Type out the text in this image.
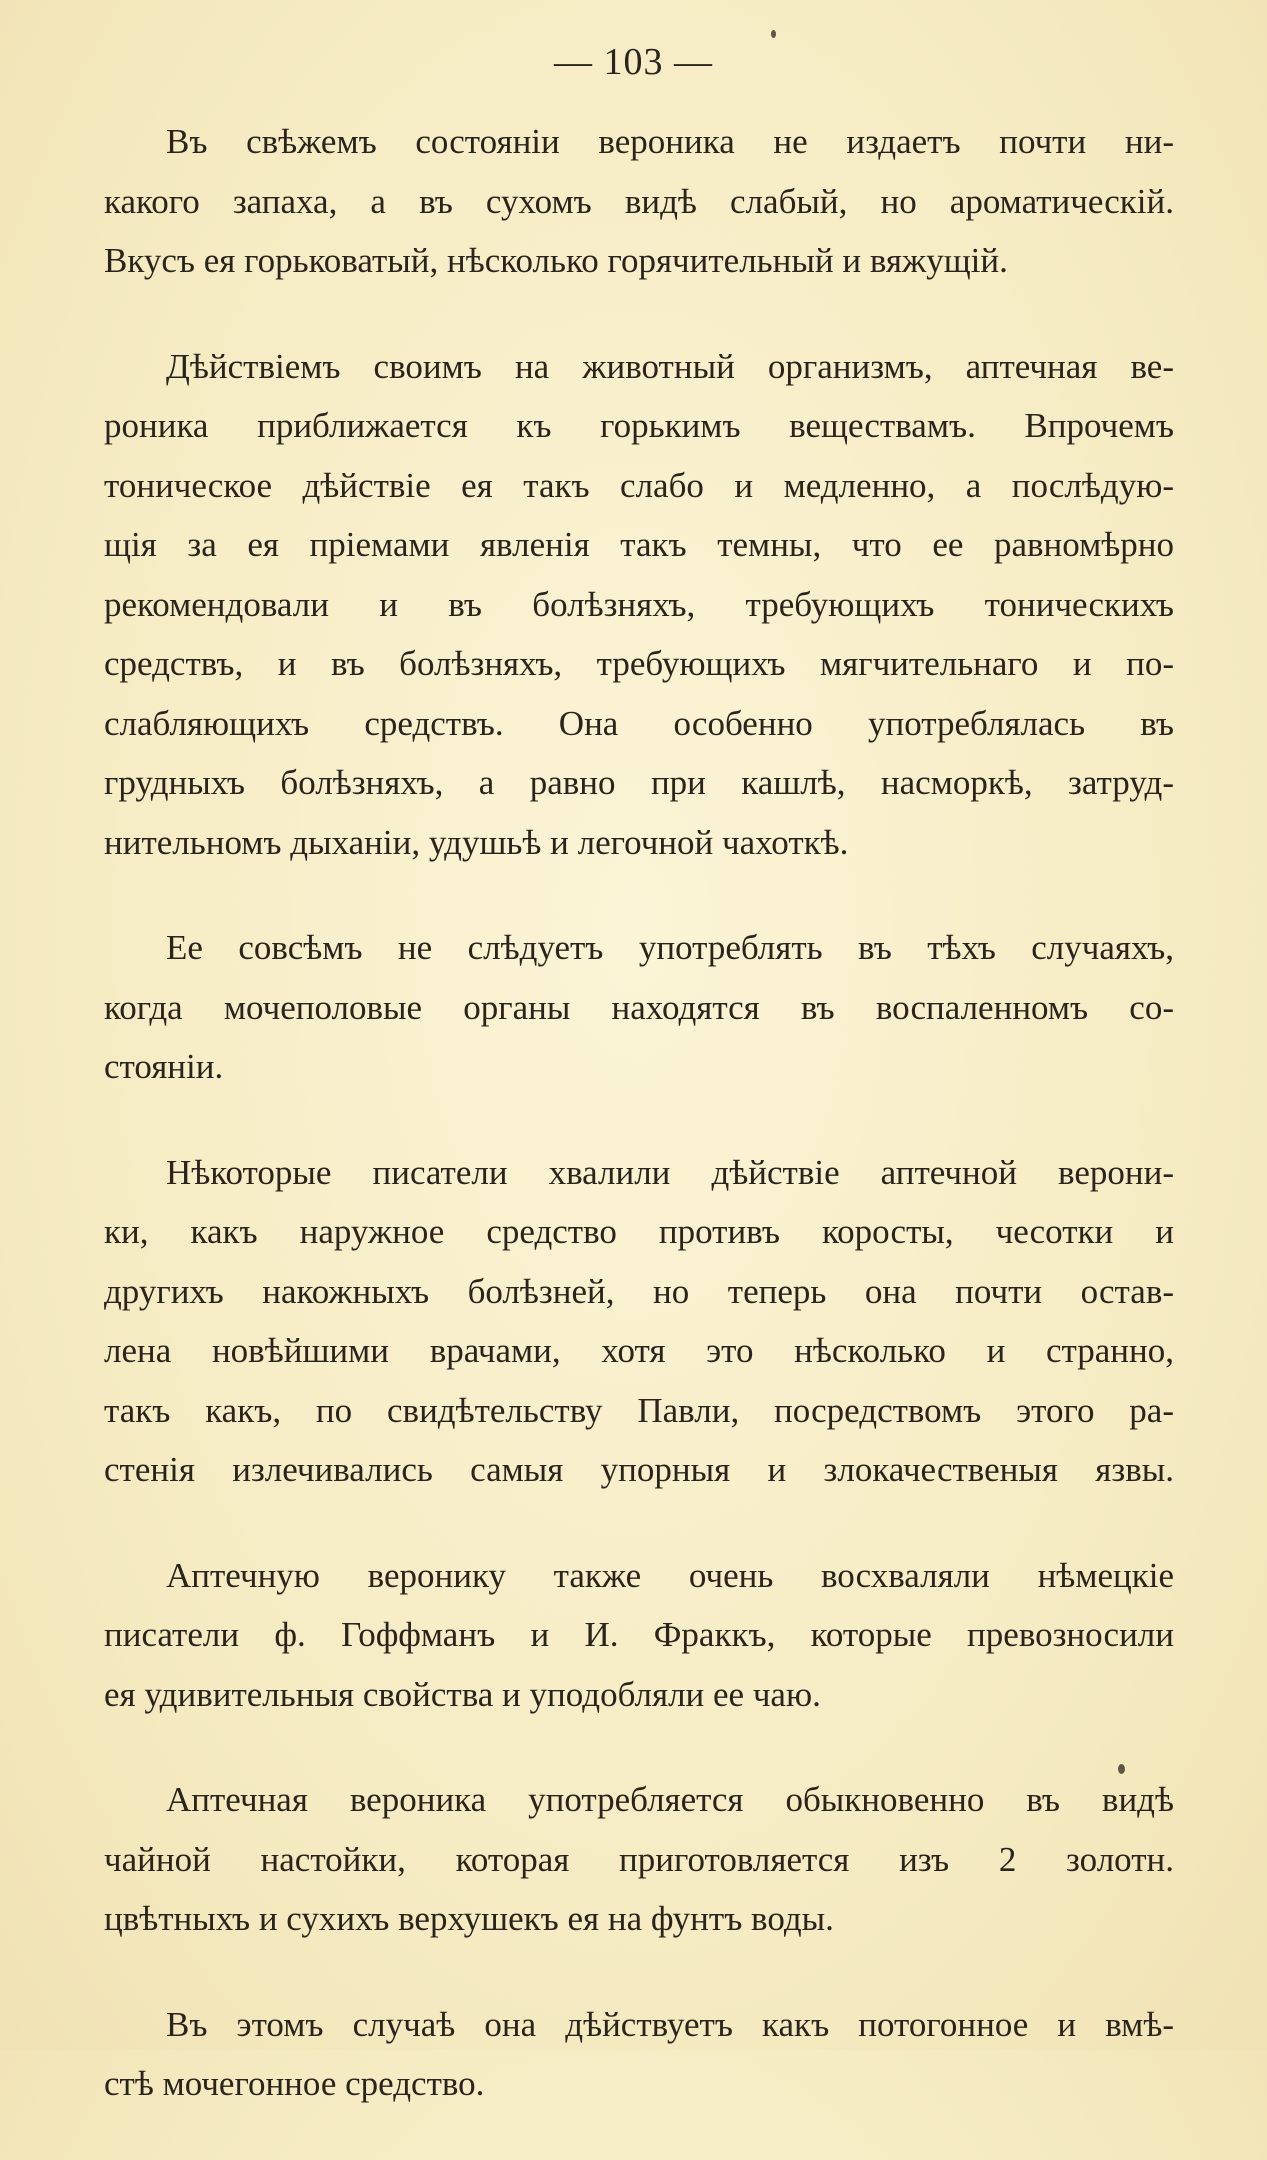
— 103 —

Въ свѣжемъ состоянiи вероника не издаетъ почти ни-
какого запаха, а въ сухомъ видѣ слабый, но ароматическiй.
Вкусъ ея горьковатый, нѣсколько горячительный и вяжущiй.

Дѣйствiемъ своимъ на животный организмъ, аптечная ве-
роника приближается къ горькимъ веществамъ. Впрочемъ
тоническое дѣйствiе ея такъ слабо и медленно, а послѣдую-
щiя за ея прiемами явленiя такъ темны, что ее равномѣрно
рекомендовали и въ болѣзняхъ, требующихъ тоническихъ
средствъ, и въ болѣзняхъ, требующихъ мягчительнаго и по-
слабляющихъ средствъ. Она особенно употреблялась въ
грудныхъ болѣзняхъ, а равно при кашлѣ, насморкѣ, затруд-
нительномъ дыханiи, удушьѣ и легочной чахоткѣ.

Ее совсѣмъ не слѣдуетъ употреблять въ тѣхъ случаяхъ,
когда мочеполовые органы находятся въ воспаленномъ со-
стоянiи.

Нѣкоторые писатели хвалили дѣйствiе аптечной верони-
ки, какъ наружное средство противъ коросты, чесотки и
другихъ накожныхъ болѣзней, но теперь она почти остав-
лена новѣйшими врачами, хотя это нѣсколько и странно,
такъ какъ, по свидѣтельству Павли, посредствомъ этого ра-
стенiя излечивались самыя упорныя и злокачественыя язвы.

Аптечную веронику также очень восхваляли нѣмецкiе
писатели ф. Гоффманъ и И. Фраккъ, которые превозносили
ея удивительныя свойства и уподобляли ее чаю.

Аптечная вероника употребляется обыкновенно въ видѣ
чайной настойки, которая приготовляется изъ 2 золотн.
цвѣтныхъ и сухихъ верхушекъ ея на фунтъ воды.

Въ этомъ случаѣ она дѣйствуетъ какъ потогонное и вмѣ-
стѣ мочегонное средство.
